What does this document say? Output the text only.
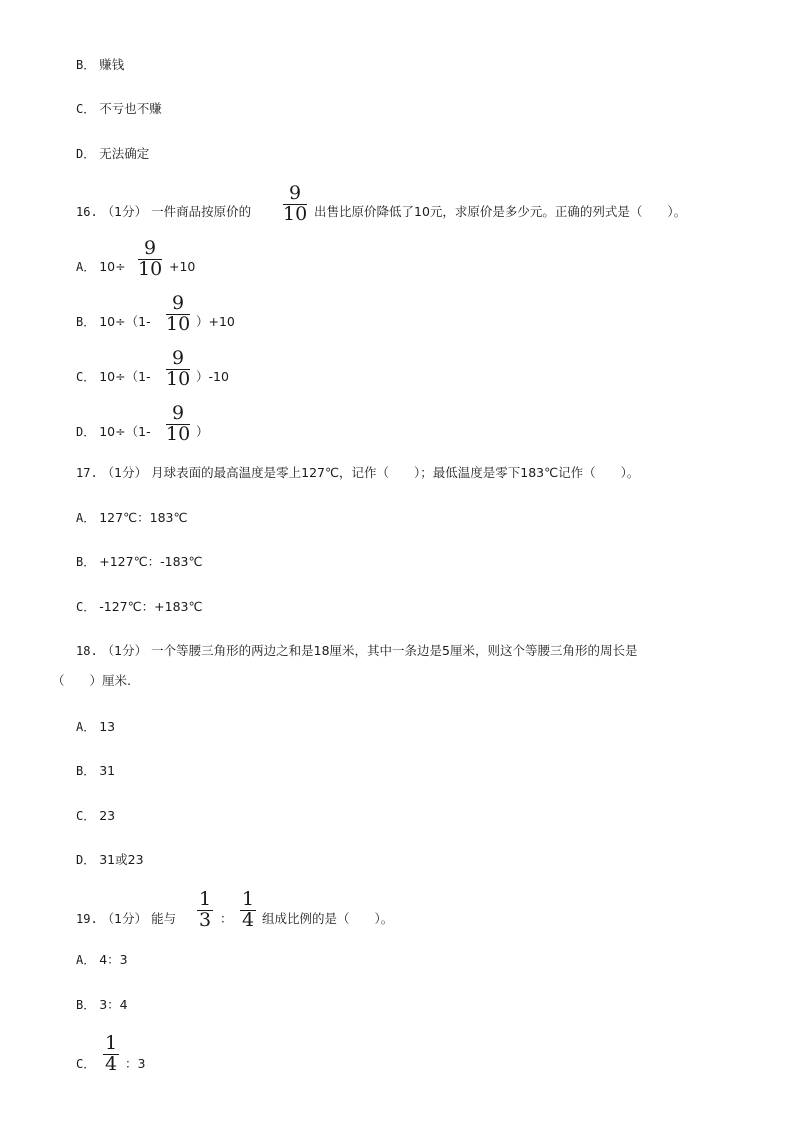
B． 赚钱
C． 不亏也不赚
D． 无法确定
16. （1分） 一件商品按原价的
9
10 出售比原价降低了10元，求原价是多少元。正确的列式是（　　）。
A． 10÷
9
10 +10
B． 10÷（1-
9
10 ）+10
C． 10÷（1-
9
10 ）-10
D． 10÷（1-
9
10 ）
17. （1分） 月球表面的最高温度是零上127℃，记作（　　）；最低温度是零下183℃记作（　　）。
A． 127℃：183℃
B． +127℃：-183℃
C． -127℃：+183℃
18. （1分） 一个等腰三角形的两边之和是18厘米，其中一条边是5厘米，则这个等腰三角形的周长是
（　　）厘米.
A． 13
B． 31
C． 23
D． 31或23
19. （1分） 能与
1
3 ：
1
4 组成比例的是（　　）。
A． 4：3
B． 3：4
C．
1
4 ：3
